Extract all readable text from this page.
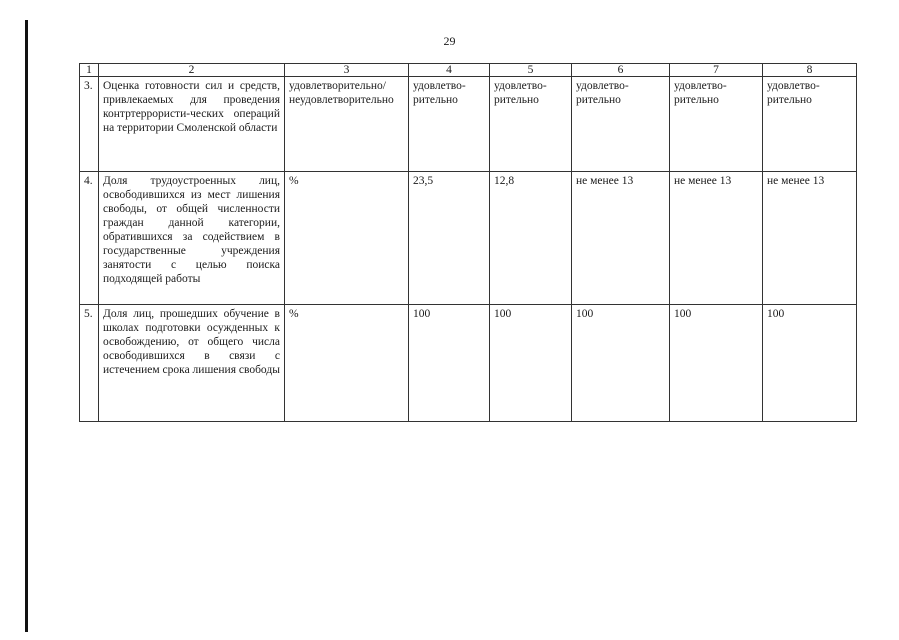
29
1	2	3	4	5	6	7	8
3.	Оценка готовности сил и средств, привлекаемых для проведения контртеррористи-ческих операций на территории Смоленской области	удовлетворительно/ неудовлетворительно	удовлетво-рительно	удовлетво-рительно	удовлетво-рительно	удовлетво-рительно	удовлетво-рительно
4.	Доля трудоустроенных лиц, освободившихся из мест лишения свободы, от общей численности граждан данной категории, обратившихся за содействием в государственные учреждения занятости с целью поиска подходящей работы	%	23,5	12,8	не менее 13	не менее 13	не менее 13
5.	Доля лиц, прошедших обучение в школах подготовки осужденных к освобождению, от общего числа освободившихся в связи с истечением срока лишения свободы	%	100	100	100	100	100
